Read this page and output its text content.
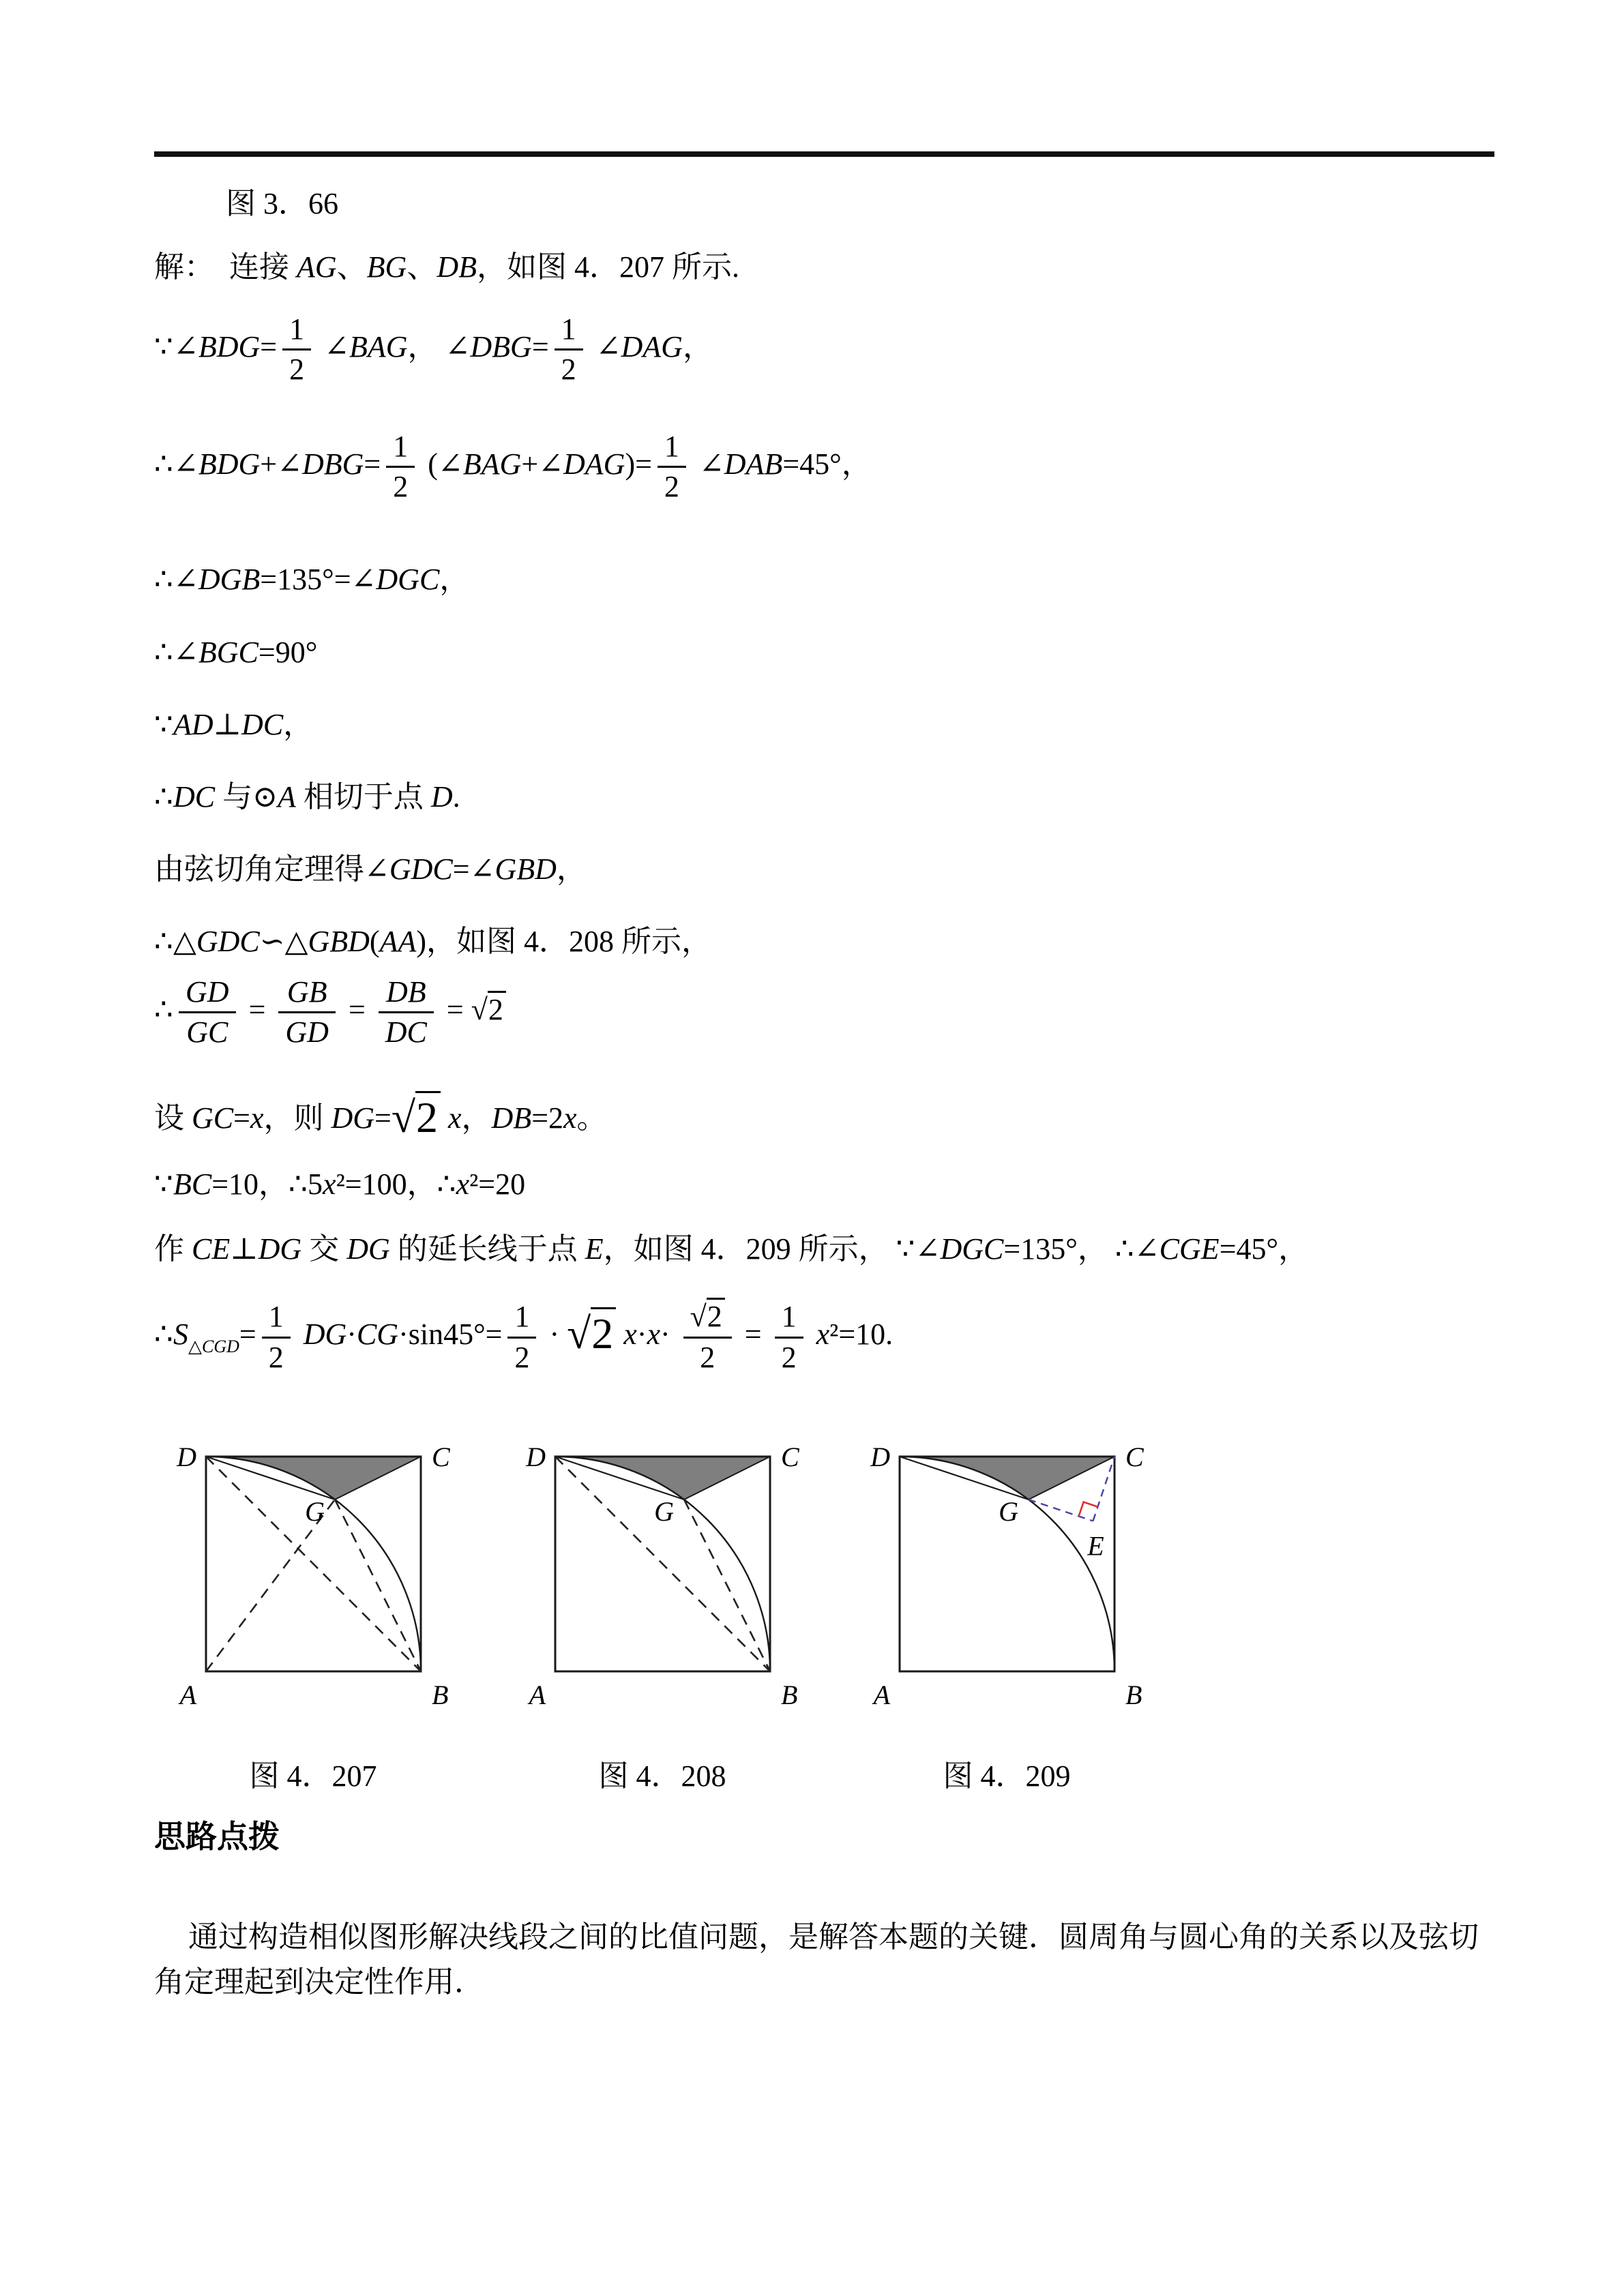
图 3．66
解：　连接 AG、BG、DB，如图 4．207 所示.
∵∠BDG= $\frac{1}{2}$ ∠BAG， ∠DBG= $\frac{1}{2}$ ∠DAG，
∴∠BDG+∠DBG= $\frac{1}{2}$ (∠BAG+∠DAG)= $\frac{1}{2}$ ∠DAB=45°，
∴∠DGB=135°=∠DGC，
∴∠BGC=90°
∵AD⊥DC，
∴DC 与⊙A 相切于点 D.
由弦切角定理得∠GDC=∠GBD，
∴△GDC∽△GBD(AA)，如图 4．208 所示，
∴ $\frac{GD}{GC} = \frac{GB}{GD} = \frac{DB}{DC} = √2$
设 GC=x，则 DG=√2 x，DB=2x。
∵BC=10，∴5x²=100，∴x²=20
作 CE⊥DG 交 DG 的延长线于点 E，如图 4．209 所示， ∵∠DGC=135°， ∴∠CGE=45°，
$\therefore S_{\triangle CGD}= \frac{1}{2} DG\cdot CG\cdot\sin 45^\circ= \frac{1}{2} \cdot √2$ $x\cdot x\cdot \frac{√2}{2} = \frac{1}{2} x^2=10$.
D	C
A	B
G
D	C
A	B
G
D	C
A	B
G
E
图 4．207	图 4．208	图 4．209
思路点拨
通过构造相似图形解决线段之间的比值问题，是解答本题的关键．圆周角与圆心角的关系以及弦切角定理起到决定性作用．
